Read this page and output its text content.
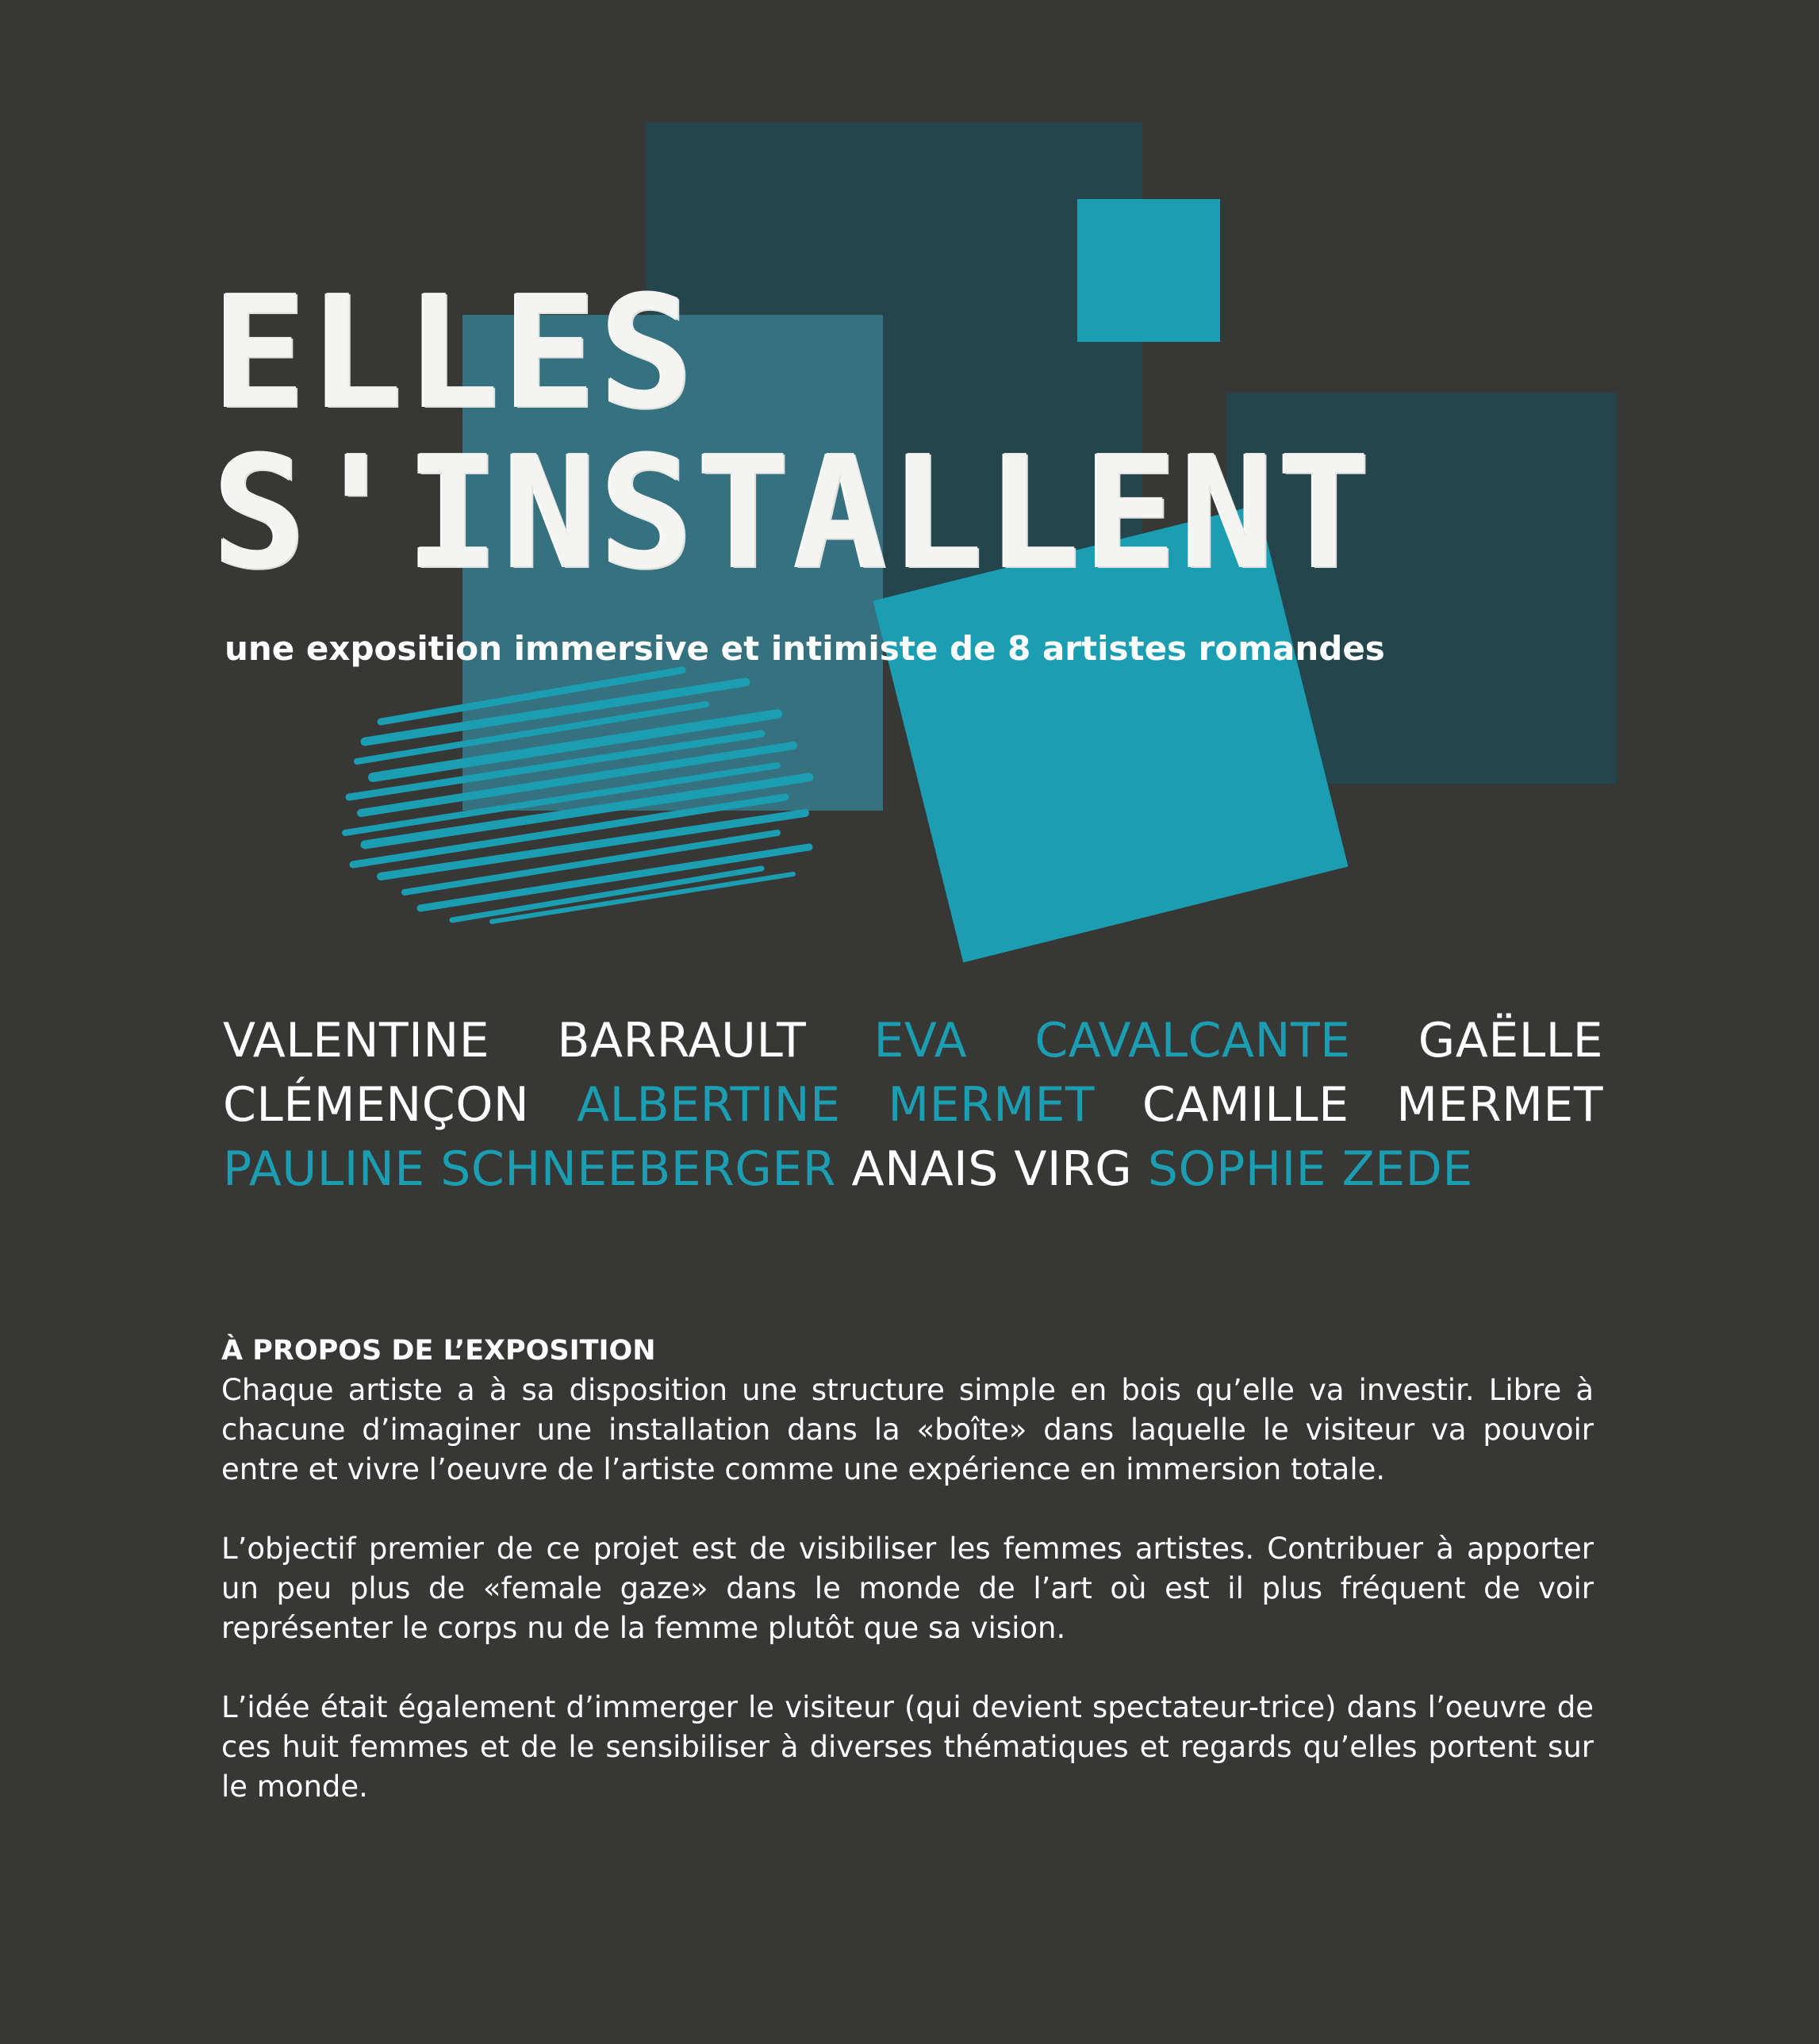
ELLES
S'INSTALLENT

une exposition immersive et intimiste de 8 artistes romandes

VALENTINE BARRAULT EVA CAVALCANTE GAËLLE CLÉMENÇON ALBERTINE MERMET CAMILLE MERMET PAULINE SCHNEEBERGER ANAIS VIRG SOPHIE ZEDE

À PROPOS DE L’EXPOSITION

Chaque artiste a à sa disposition une structure simple en bois qu’elle va investir. Libre à chacune d’imaginer une installation dans la «boîte» dans laquelle le visiteur va pouvoir entre et vivre l’oeuvre de l’artiste comme une expérience en immersion totale.

L’objectif premier de ce projet est de visibiliser les femmes artistes. Contribuer à apporter un peu plus de «female gaze» dans le monde de l’art où est il plus fréquent de voir représenter le corps nu de la femme plutôt que sa vision.

L’idée était également d’immerger le visiteur (qui devient spectateur-trice) dans l’oeuvre de ces huit femmes et de le sensibiliser à diverses thématiques et regards qu’elles portent sur le monde.
